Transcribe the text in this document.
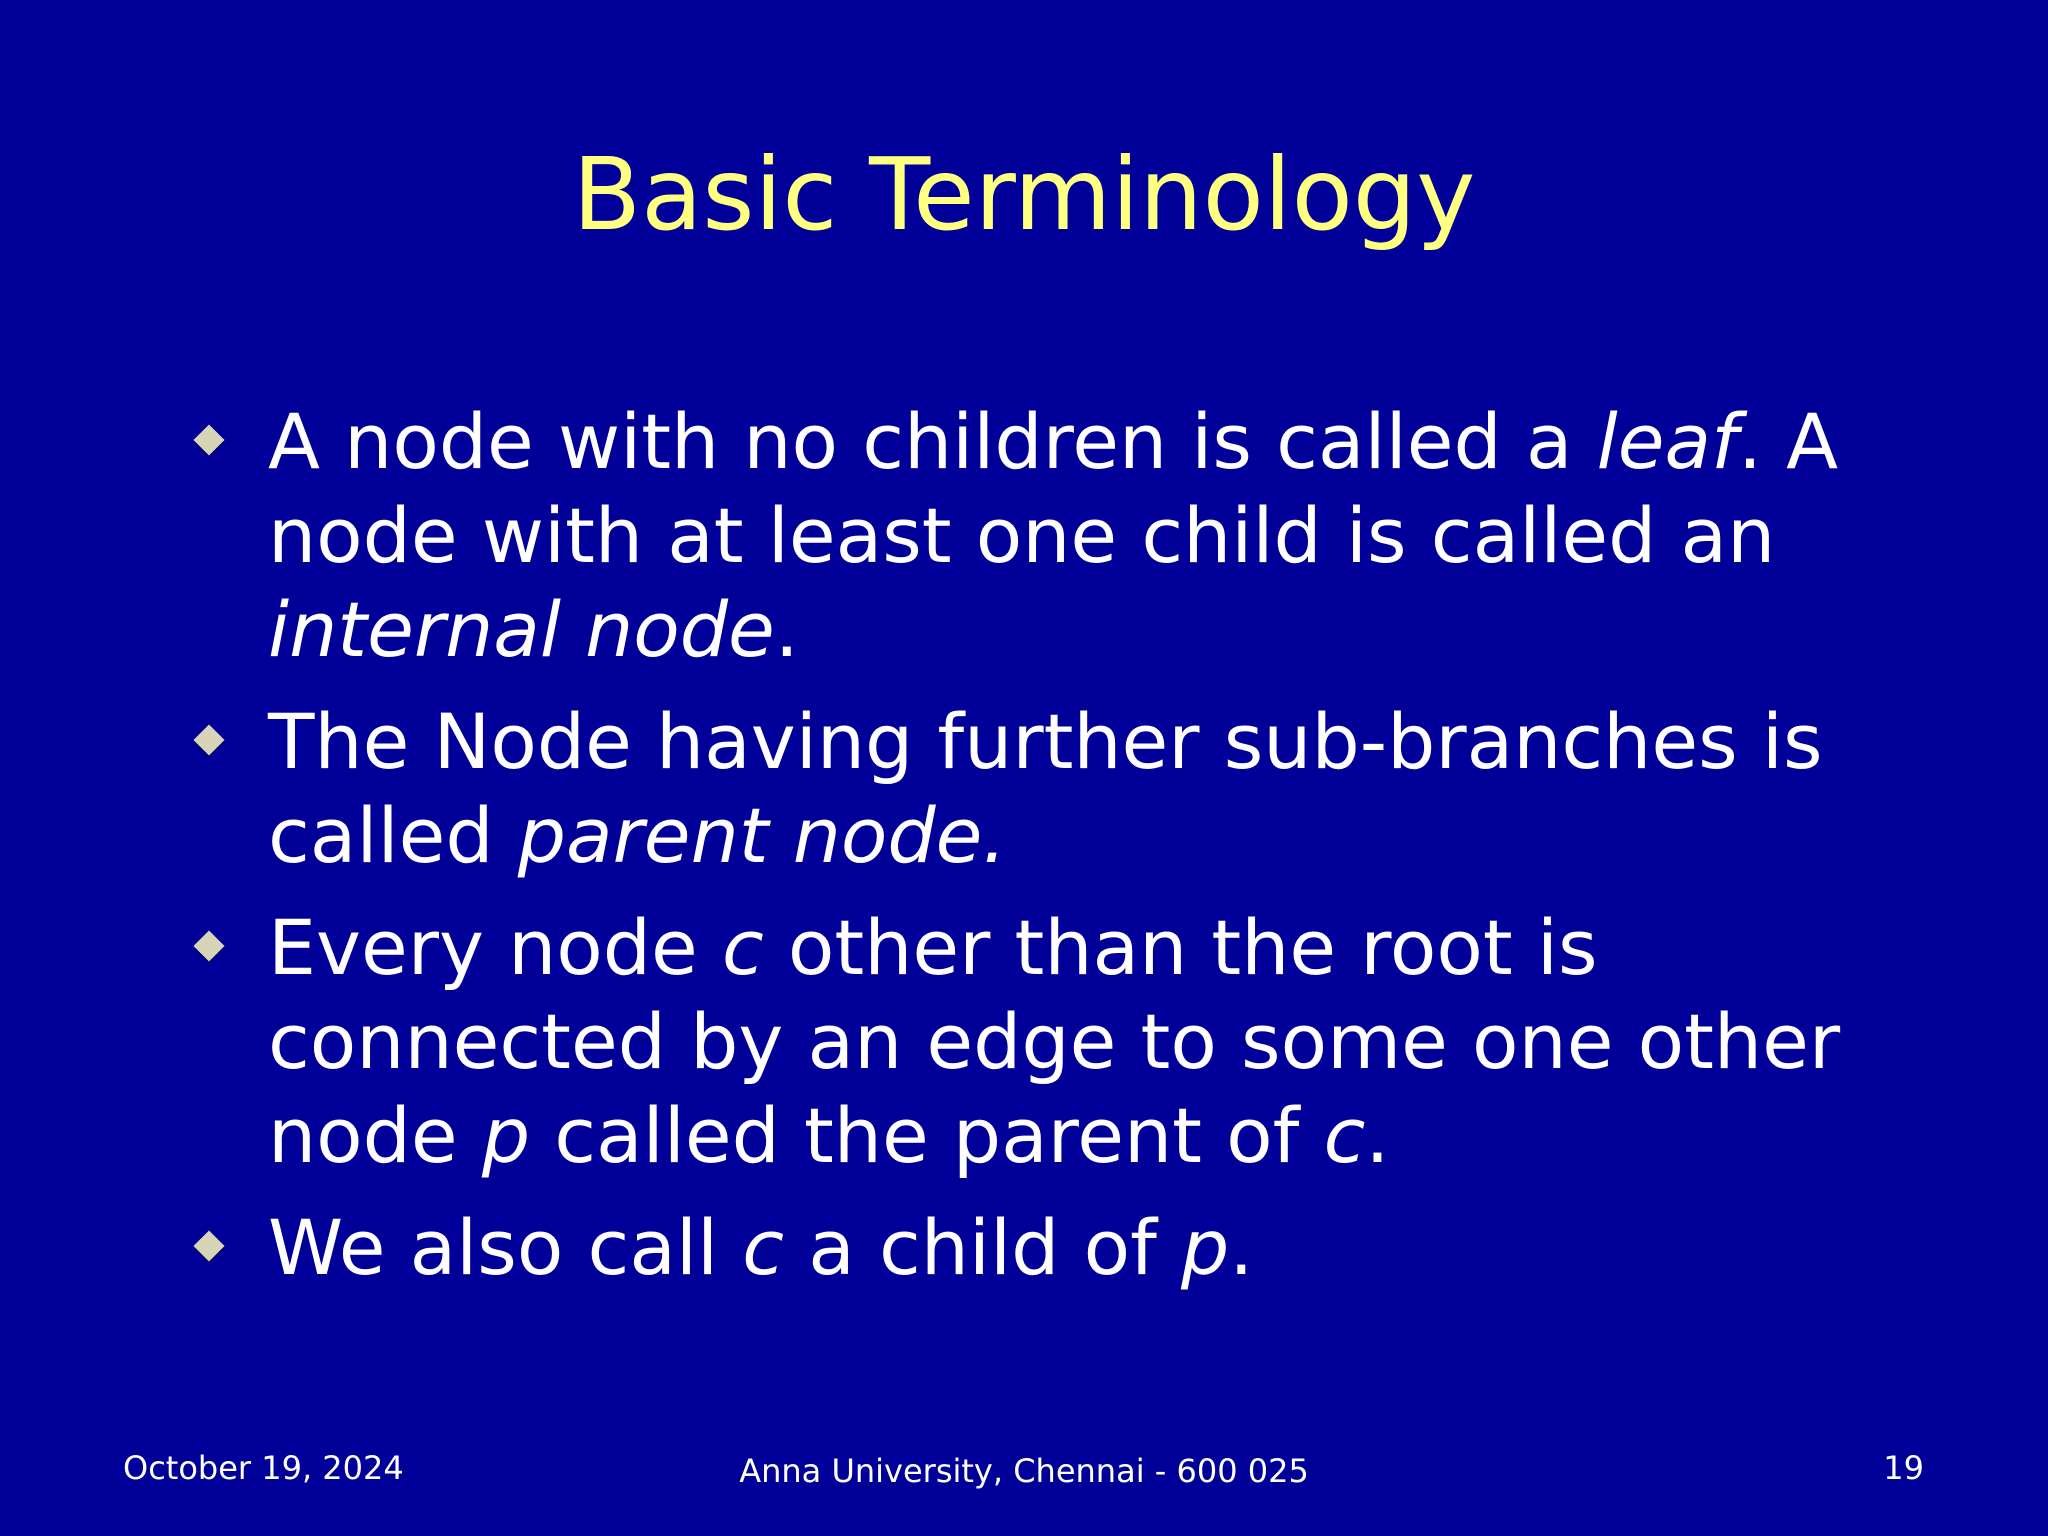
Basic Terminology
A node with no children is called a leaf. A node with at least one child is called an internal node.
The Node having further sub-branches is called parent node.
Every node c other than the root is connected by an edge to some one other node p called the parent of c.
We also call c a child of p.
October 19, 2024	Anna University, Chennai - 600 025	19
